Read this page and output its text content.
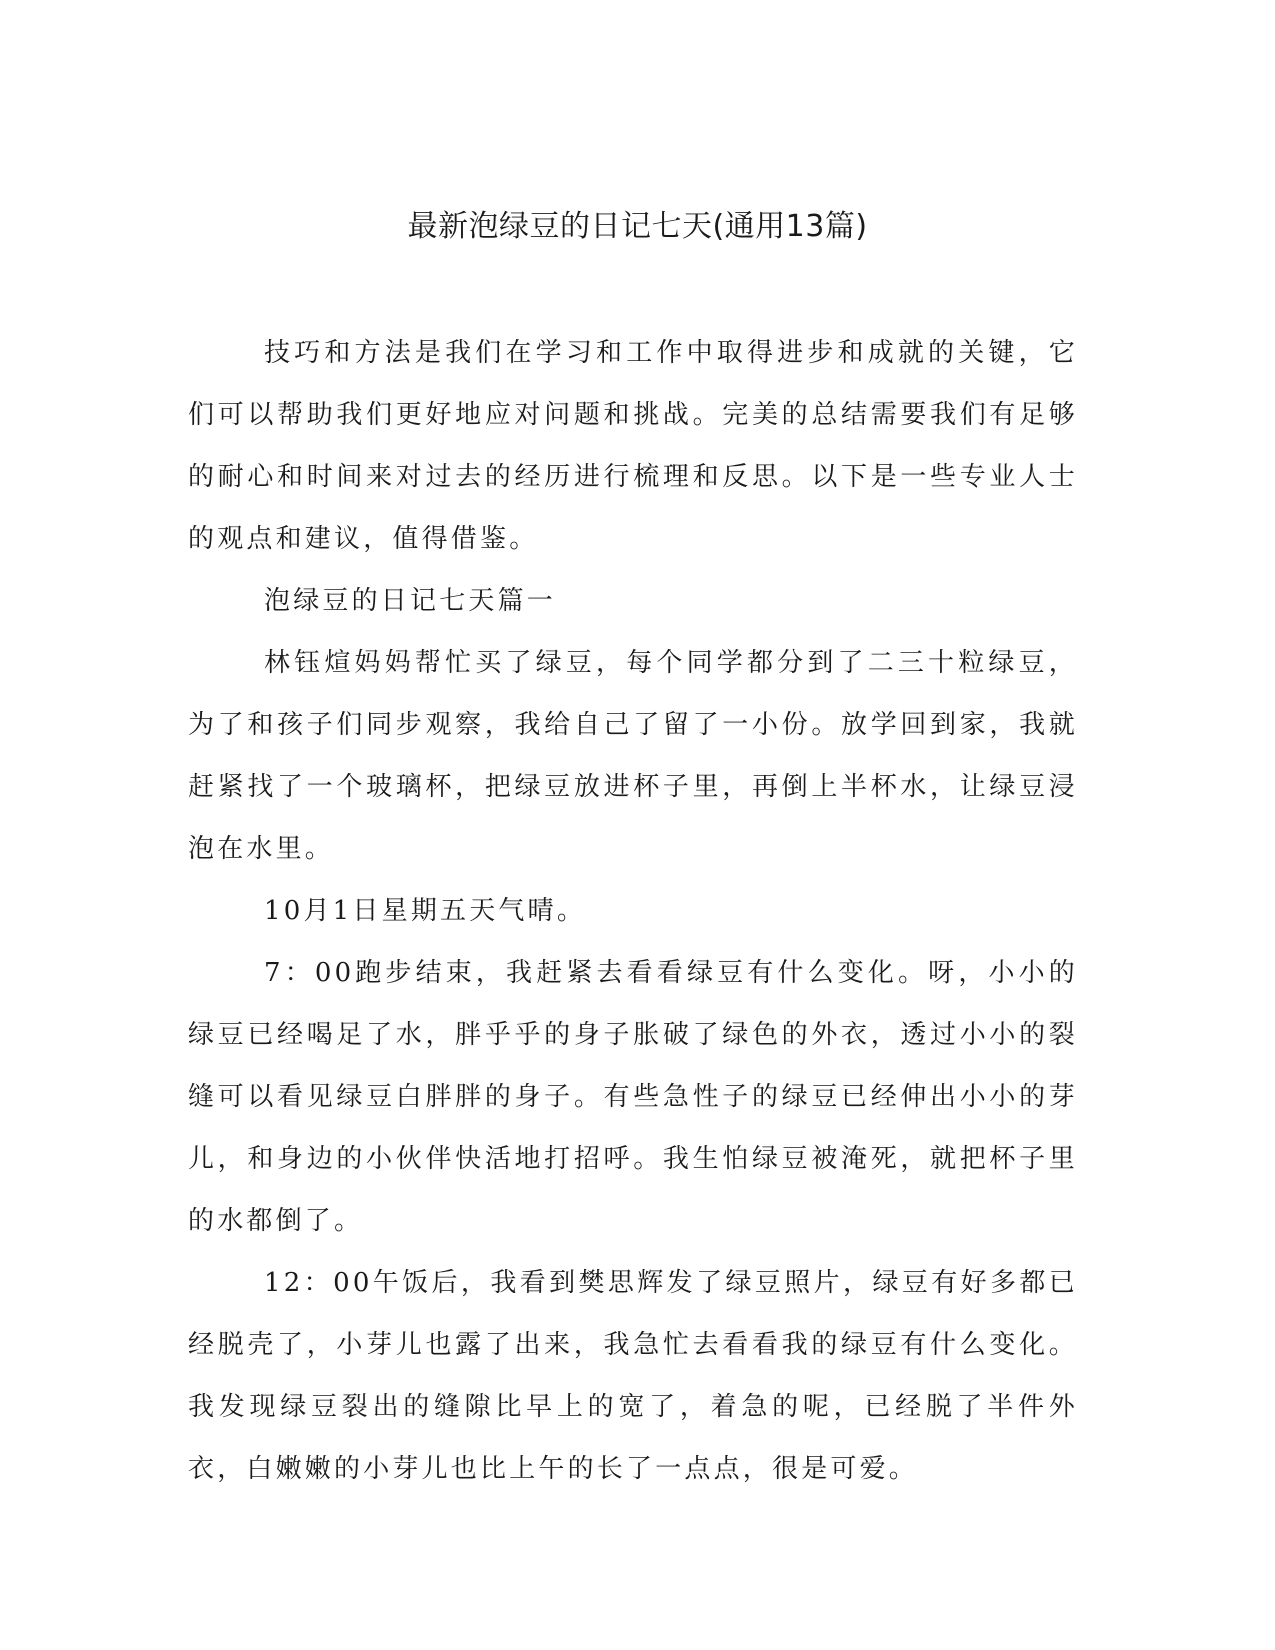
最新泡绿豆的日记七天(通用13篇)

技巧和方法是我们在学习和工作中取得进步和成就的关键，它们可以帮助我们更好地应对问题和挑战。完美的总结需要我们有足够的耐心和时间来对过去的经历进行梳理和反思。以下是一些专业人士的观点和建议，值得借鉴。

泡绿豆的日记七天篇一

林钰煊妈妈帮忙买了绿豆，每个同学都分到了二三十粒绿豆，为了和孩子们同步观察，我给自己了留了一小份。放学回到家，我就赶紧找了一个玻璃杯，把绿豆放进杯子里，再倒上半杯水，让绿豆浸泡在水里。

10月1日星期五天气晴。

7：00跑步结束，我赶紧去看看绿豆有什么变化。呀，小小的绿豆已经喝足了水，胖乎乎的身子胀破了绿色的外衣，透过小小的裂缝可以看见绿豆白胖胖的身子。有些急性子的绿豆已经伸出小小的芽儿，和身边的小伙伴快活地打招呼。我生怕绿豆被淹死，就把杯子里的水都倒了。

12：00午饭后，我看到樊思辉发了绿豆照片，绿豆有好多都已经脱壳了，小芽儿也露了出来，我急忙去看看我的绿豆有什么变化。我发现绿豆裂出的缝隙比早上的宽了，着急的呢，已经脱了半件外衣，白嫩嫩的小芽儿也比上午的长了一点点，很是可爱。
